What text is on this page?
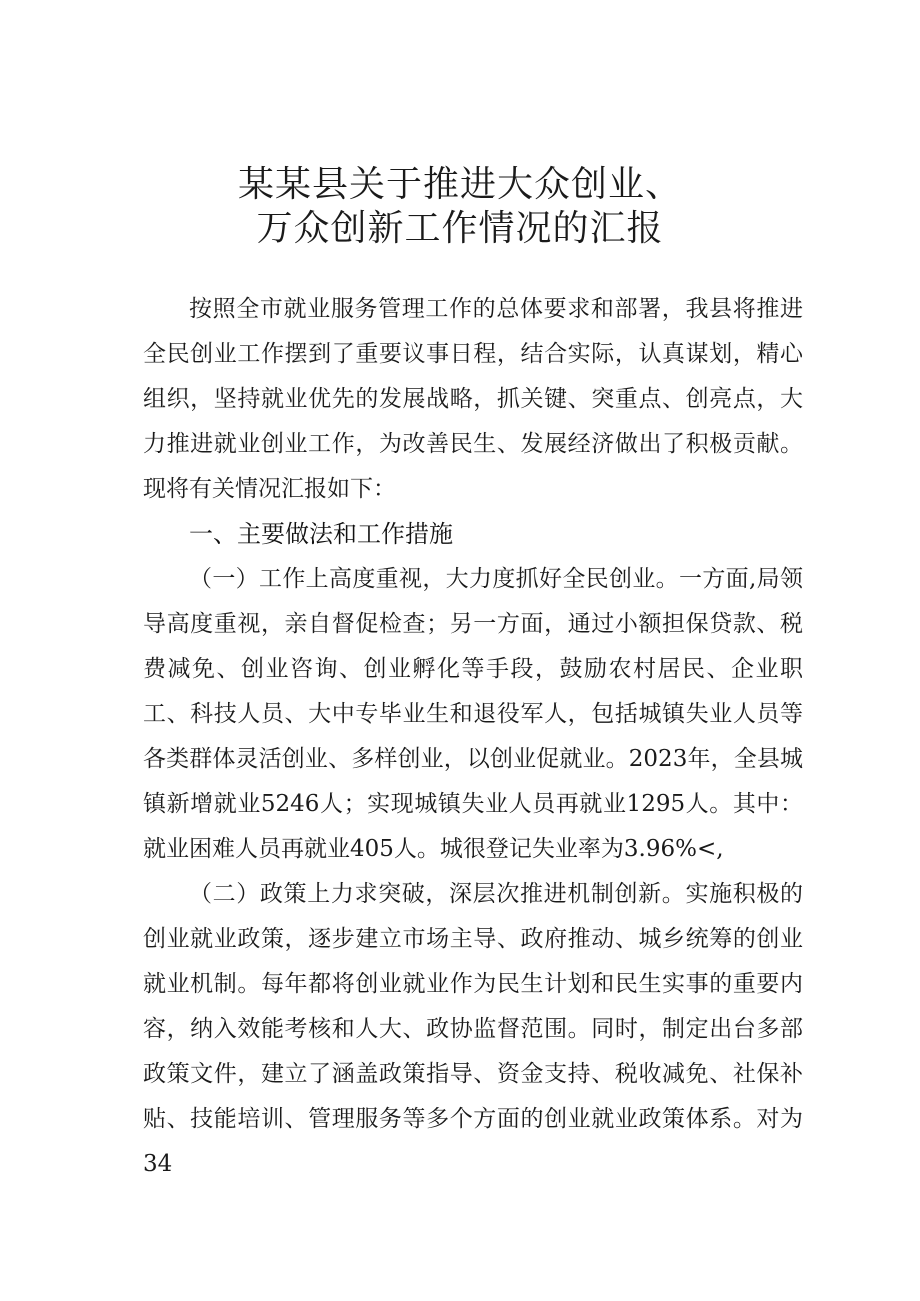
某某县关于推进大众创业、
万众创新工作情况的汇报

按照全市就业服务管理工作的总体要求和部署，我县将推进全民创业工作摆到了重要议事日程，结合实际，认真谋划，精心组织，坚持就业优先的发展战略，抓关键、突重点、创亮点，大力推进就业创业工作，为改善民生、发展经济做出了积极贡献。现将有关情况汇报如下：

一、主要做法和工作措施

（一）工作上高度重视，大力度抓好全民创业。一方面,局领导高度重视，亲自督促检查；另一方面，通过小额担保贷款、税费减免、创业咨询、创业孵化等手段，鼓励农村居民、企业职工、科技人员、大中专毕业生和退役军人，包括城镇失业人员等各类群体灵活创业、多样创业，以创业促就业。2023年，全县城镇新增就业5246人；实现城镇失业人员再就业1295人。其中：就业困难人员再就业405人。城很登记失业率为3.96%<,

（二）政策上力求突破，深层次推进机制创新。实施积极的创业就业政策，逐步建立市场主导、政府推动、城乡统筹的创业就业机制。每年都将创业就业作为民生计划和民生实事的重要内容，纳入效能考核和人大、政协监督范围。同时，制定出台多部政策文件，建立了涵盖政策指导、资金支持、税收减免、社保补贴、技能培训、管理服务等多个方面的创业就业政策体系。对为34
